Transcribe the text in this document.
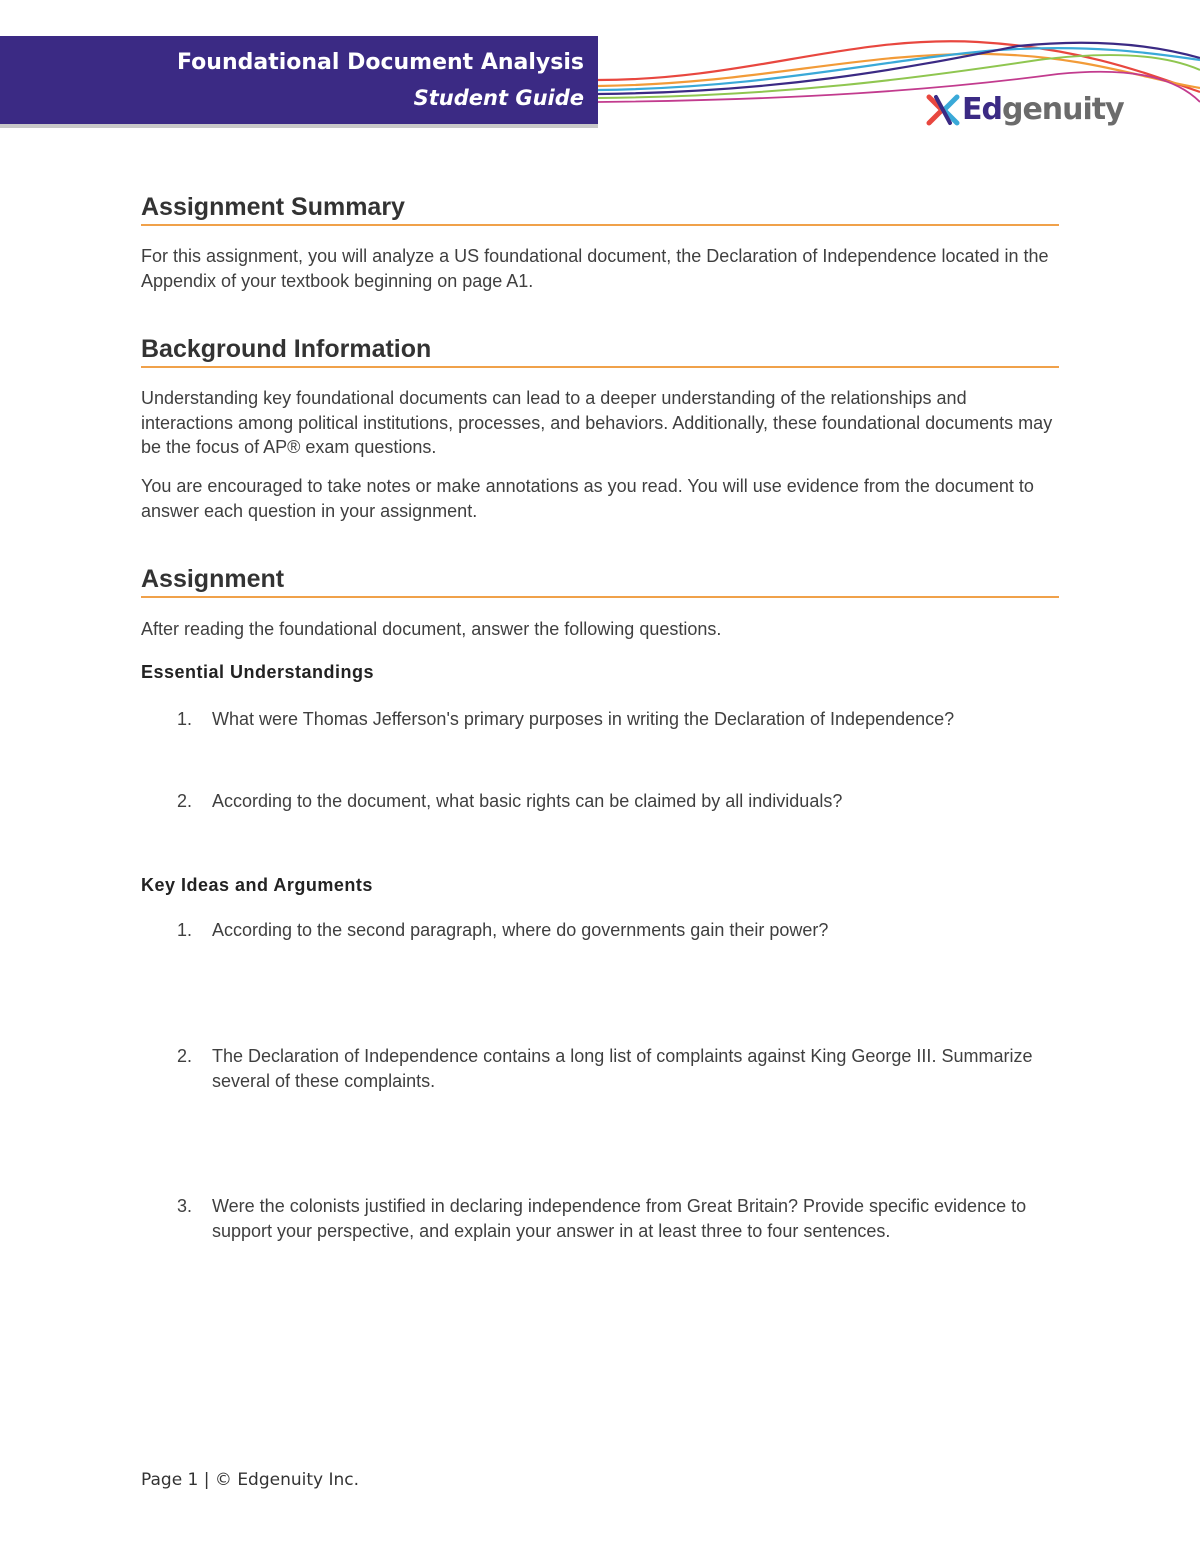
Foundational Document Analysis
Student Guide	Edgenuity
Assignment Summary

For this assignment, you will analyze a US foundational document, the Declaration of Independence located in the Appendix of your textbook beginning on page A1.

Background Information

Understanding key foundational documents can lead to a deeper understanding of the relationships and interactions among political institutions, processes, and behaviors. Additionally, these foundational documents may be the focus of AP® exam questions.

You are encouraged to take notes or make annotations as you read. You will use evidence from the document to answer each question in your assignment.

Assignment

After reading the foundational document, answer the following questions.

Essential Understandings

1.	What were Thomas Jefferson's primary purposes in writing the Declaration of Independence?
2.	According to the document, what basic rights can be claimed by all individuals?

Key Ideas and Arguments

1.	According to the second paragraph, where do governments gain their power?
2.	The Declaration of Independence contains a long list of complaints against King George III. Summarize several of these complaints.
3.	Were the colonists justified in declaring independence from Great Britain? Provide specific evidence to support your perspective, and explain your answer in at least three to four sentences.
Page 1 | © Edgenuity Inc.
